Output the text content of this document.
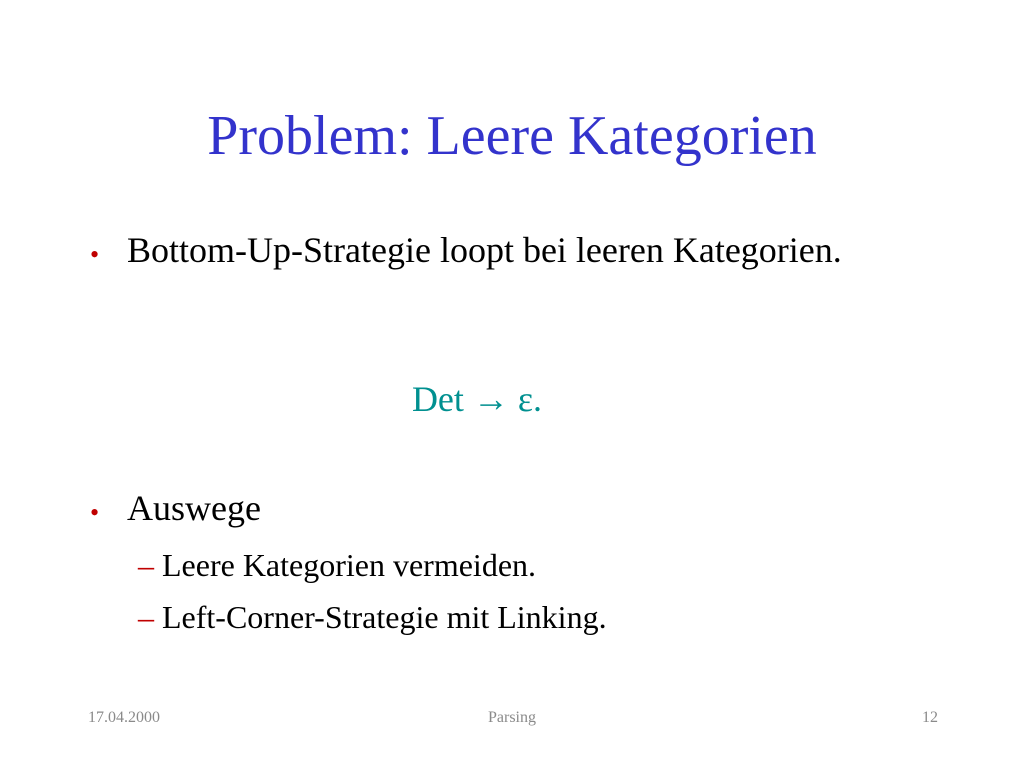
Problem: Leere Kategorien
• Bottom-Up-Strategie loopt bei leeren Kategorien.
Det → ε.
• Auswege
– Leere Kategorien vermeiden.
– Left-Corner-Strategie mit Linking.
17.04.2000	Parsing	12
